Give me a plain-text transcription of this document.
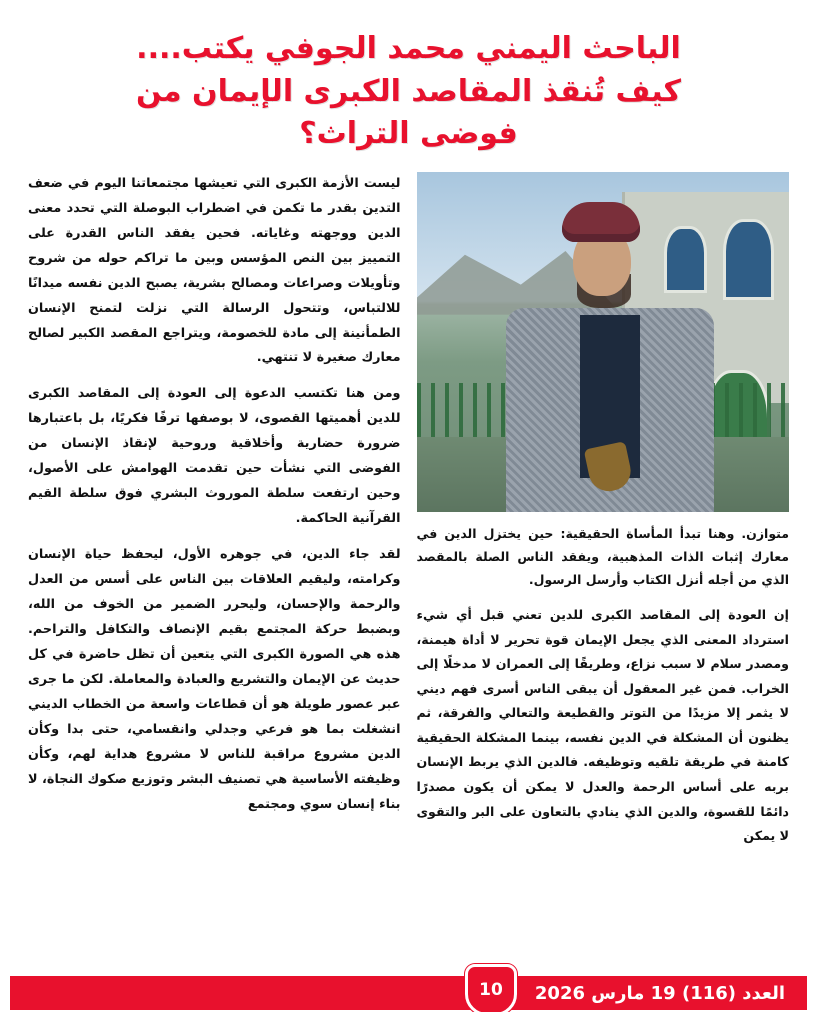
الباحث اليمني محمد الجوفي يكتب....
كيف تُنقذ المقاصد الكبرى الإيمان من
فوضى التراث؟

ليست الأزمة الكبرى التي تعيشها مجتمعاتنا اليوم في ضعف التدين بقدر ما تكمن في اضطراب البوصلة التي تحدد معنى الدين ووجهته وغاياته. فحين يفقد الناس القدرة على التمييز بين النص المؤسس وبين ما تراكم حوله من شروح وتأويلات وصراعات ومصالح بشرية، يصبح الدين نفسه ميدانًا للالتباس، وتتحول الرسالة التي نزلت لتمنح الإنسان الطمأنينة إلى مادة للخصومة، ويتراجع المقصد الكبير لصالح معارك صغيرة لا تنتهي.

ومن هنا تكتسب الدعوة إلى العودة إلى المقاصد الكبرى للدين أهميتها القصوى، لا بوصفها ترفًا فكريًا، بل باعتبارها ضرورة حضارية وأخلاقية وروحية لإنقاذ الإنسان من الفوضى التي نشأت حين تقدمت الهوامش على الأصول، وحين ارتفعت سلطة الموروث البشري فوق سلطة القيم القرآنية الحاكمة.

لقد جاء الدين، في جوهره الأول، ليحفظ حياة الإنسان وكرامته، وليقيم العلاقات بين الناس على أسس من العدل والرحمة والإحسان، وليحرر الضمير من الخوف من الله، وبضبط حركة المجتمع بقيم الإنصاف والتكافل والتراحم. هذه هي الصورة الكبرى التي يتعين أن تظل حاضرة في كل حديث عن الإيمان والتشريع والعبادة والمعاملة. لكن ما جرى عبر عصور طويلة هو أن قطاعات واسعة من الخطاب الديني انشغلت بما هو فرعي وجدلي وانقسامي، حتى بدا وكأن الدين مشروع مراقبة للناس لا مشروع هداية لهم، وكأن وظيفته الأساسية هي تصنيف البشر وتوزيع صكوك النجاة، لا بناء إنسان سوي ومجتمع

متوازن. وهنا تبدأ المأساة الحقيقية: حين يختزل الدين في معارك إثبات الذات المذهبية، ويفقد الناس الصلة بالمقصد الذي من أجله أنزل الكتاب وأرسل الرسول.

إن العودة إلى المقاصد الكبرى للدين تعني قبل أي شيء استرداد المعنى الذي يجعل الإيمان قوة تحرير لا أداة هيمنة، ومصدر سلام لا سبب نزاع، وطريقًا إلى العمران لا مدخلًا إلى الخراب. فمن غير المعقول أن يبقى الناس أسرى فهم ديني لا يثمر إلا مزيدًا من التوتر والقطيعة والتعالي والفرقة، ثم يظنون أن المشكلة في الدين نفسه، بينما المشكلة الحقيقية كامنة في طريقة تلقيه وتوظيفه. فالدين الذي يربط الإنسان بربه على أساس الرحمة والعدل لا يمكن أن يكون مصدرًا دائمًا للقسوة، والدين الذي ينادي بالتعاون على البر والتقوى لا يمكن

العدد (116) 19 مارس 2026
10
